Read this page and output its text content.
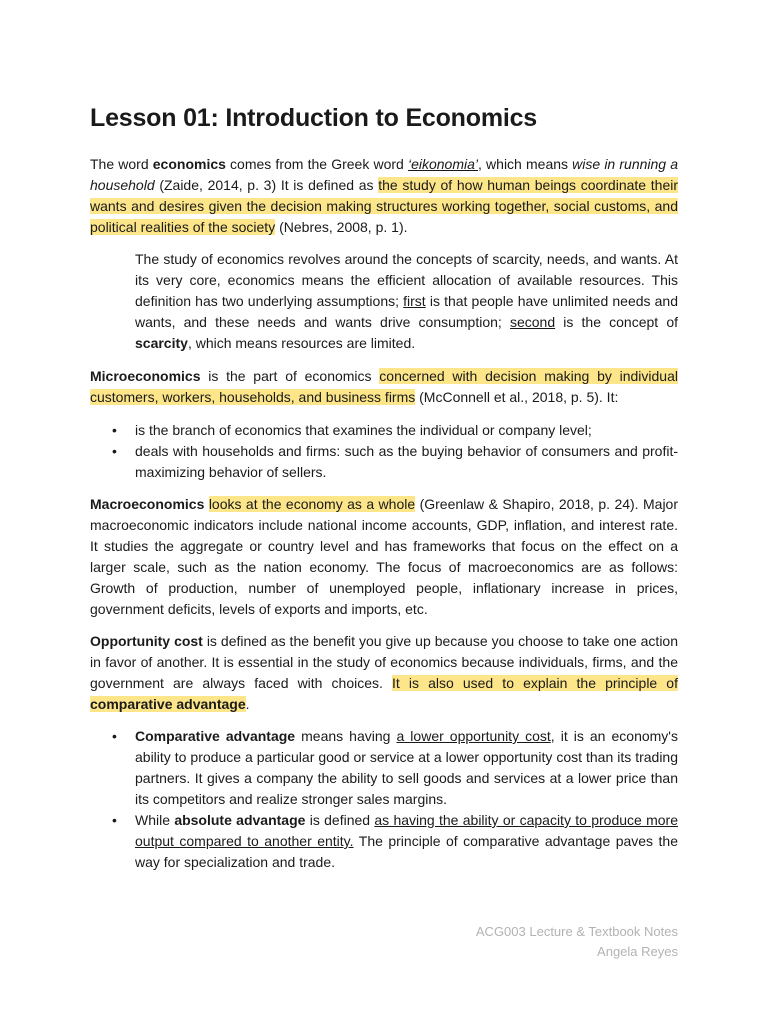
Lesson 01: Introduction to Economics

The word economics comes from the Greek word ‘eikonomia’, which means wise in running a household (Zaide, 2014, p. 3) It is defined as the study of how human beings coordinate their wants and desires given the decision making structures working together, social customs, and political realities of the society (Nebres, 2008, p. 1).

The study of economics revolves around the concepts of scarcity, needs, and wants. At its very core, economics means the efficient allocation of available resources. This definition has two underlying assumptions; first is that people have unlimited needs and wants, and these needs and wants drive consumption; second is the concept of scarcity, which means resources are limited.

Microeconomics is the part of economics concerned with decision making by individual customers, workers, households, and business firms (McConnell et al., 2018, p. 5). It:

• is the branch of economics that examines the individual or company level;
• deals with households and firms: such as the buying behavior of consumers and profit-maximizing behavior of sellers.

Macroeconomics looks at the economy as a whole (Greenlaw & Shapiro, 2018, p. 24). Major macroeconomic indicators include national income accounts, GDP, inflation, and interest rate. It studies the aggregate or country level and has frameworks that focus on the effect on a larger scale, such as the nation economy. The focus of macroeconomics are as follows: Growth of production, number of unemployed people, inflationary increase in prices, government deficits, levels of exports and imports, etc.

Opportunity cost is defined as the benefit you give up because you choose to take one action in favor of another. It is essential in the study of economics because individuals, firms, and the government are always faced with choices. It is also used to explain the principle of comparative advantage.

• Comparative advantage means having a lower opportunity cost, it is an economy's ability to produce a particular good or service at a lower opportunity cost than its trading partners. It gives a company the ability to sell goods and services at a lower price than its competitors and realize stronger sales margins.
• While absolute advantage is defined as having the ability or capacity to produce more output compared to another entity. The principle of comparative advantage paves the way for specialization and trade.
ACG003 Lecture & Textbook Notes
Angela Reyes
